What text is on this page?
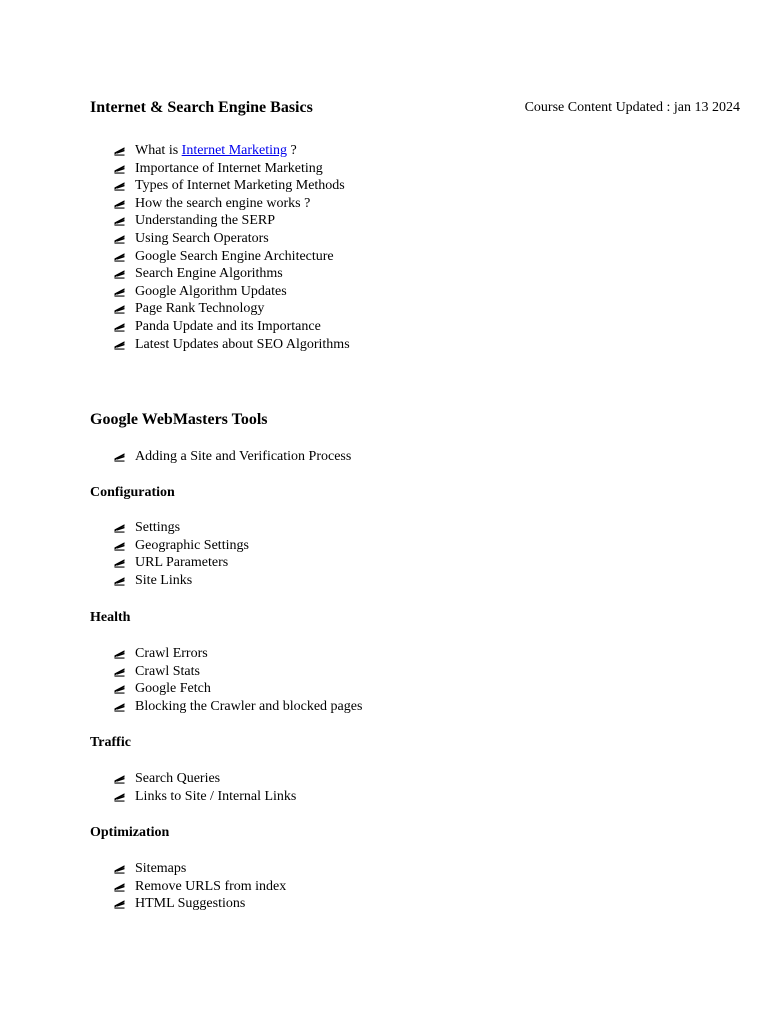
Internet & Search Engine Basics	Course Content Updated : jan 13 2024
What is Internet Marketing ?
Importance of Internet Marketing
Types of Internet Marketing Methods
How the search engine works ?
Understanding the SERP
Using Search Operators
Google Search Engine Architecture
Search Engine Algorithms
Google Algorithm Updates
Page Rank Technology
Panda Update and its Importance
Latest Updates about SEO Algorithms
Google WebMasters Tools
Adding a Site and Verification Process
Configuration
Settings
Geographic Settings
URL Parameters
Site Links
Health
Crawl Errors
Crawl Stats
Google Fetch
Blocking the Crawler and blocked pages
Traffic
Search Queries
Links to Site / Internal Links
Optimization
Sitemaps
Remove URLS from index
HTML Suggestions
